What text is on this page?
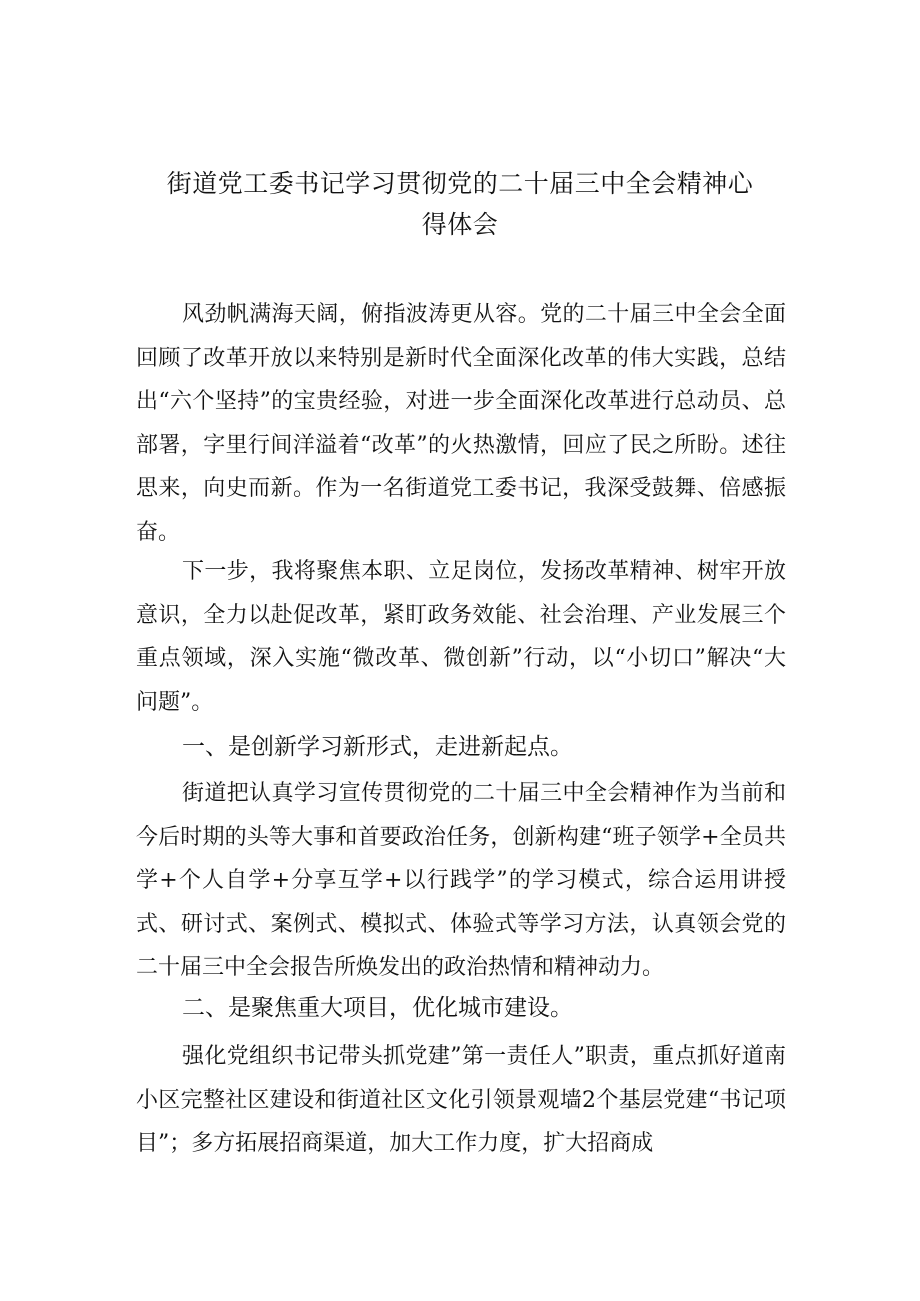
街道党工委书记学习贯彻党的二十届三中全会精神心
得体会

风劲帆满海天阔，俯指波涛更从容。党的二十届三中全会全面回顾了改革开放以来特别是新时代全面深化改革的伟大实践，总结出“六个坚持”的宝贵经验，对进一步全面深化改革进行总动员、总部署，字里行间洋溢着“改革”的火热激情，回应了民之所盼。述往思来，向史而新。作为一名街道党工委书记，我深受鼓舞、倍感振奋。

下一步，我将聚焦本职、立足岗位，发扬改革精神、树牢开放意识，全力以赴促改革，紧盯政务效能、社会治理、产业发展三个重点领域，深入实施“微改革、微创新”行动，以“小切口”解决“大问题”。

一、是创新学习新形式，走进新起点。

街道把认真学习宣传贯彻党的二十届三中全会精神作为当前和今后时期的头等大事和首要政治任务，创新构建“班子领学+全员共学+个人自学+分享互学+以行践学”的学习模式，综合运用讲授式、研讨式、案例式、模拟式、体验式等学习方法，认真领会党的二十届三中全会报告所焕发出的政治热情和精神动力。

二、是聚焦重大项目，优化城市建设。

强化党组织书记带头抓党建”第一责任人”职责，重点抓好道南小区完整社区建设和街道社区文化引领景观墙2个基层党建“书记项目”；多方拓展招商渠道，加大工作力度，扩大招商成
